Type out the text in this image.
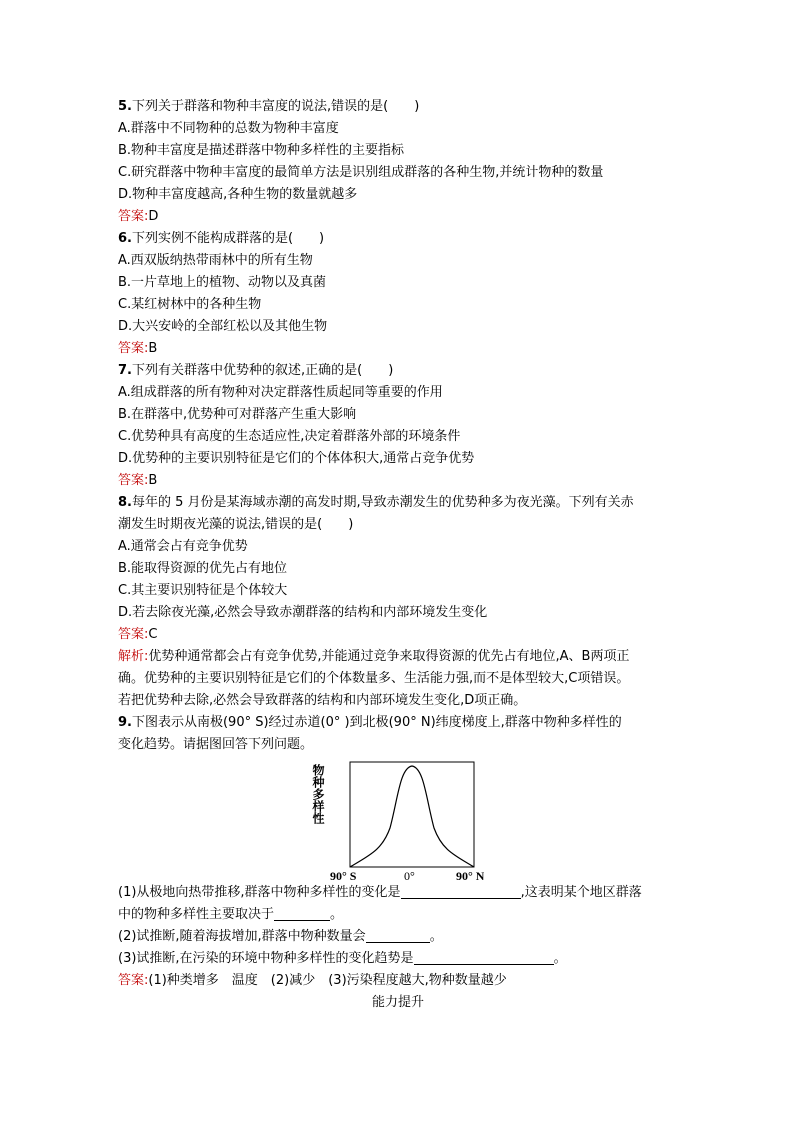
5.下列关于群落和物种丰富度的说法,错误的是(　　)
A.群落中不同物种的总数为物种丰富度
B.物种丰富度是描述群落中物种多样性的主要指标
C.研究群落中物种丰富度的最简单方法是识别组成群落的各种生物,并统计物种的数量
D.物种丰富度越高,各种生物的数量就越多
答案:D
6.下列实例不能构成群落的是(　　)
A.西双版纳热带雨林中的所有生物
B.一片草地上的植物、动物以及真菌
C.某红树林中的各种生物
D.大兴安岭的全部红松以及其他生物
答案:B
7.下列有关群落中优势种的叙述,正确的是(　　)
A.组成群落的所有物种对决定群落性质起同等重要的作用
B.在群落中,优势种可对群落产生重大影响
C.优势种具有高度的生态适应性,决定着群落外部的环境条件
D.优势种的主要识别特征是它们的个体体积大,通常占竞争优势
答案:B
8.每年的 5 月份是某海域赤潮的高发时期,导致赤潮发生的优势种多为夜光藻。下列有关赤
潮发生时期夜光藻的说法,错误的是(　　)
A.通常会占有竞争优势
B.能取得资源的优先占有地位
C.其主要识别特征是个体较大
D.若去除夜光藻,必然会导致赤潮群落的结构和内部环境发生变化
答案:C
解析:优势种通常都会占有竞争优势,并能通过竞争来取得资源的优先占有地位,A、B两项正
确。优势种的主要识别特征是它们的个体数量多、生活能力强,而不是体型较大,C项错误。
若把优势种去除,必然会导致群落的结构和内部环境发生变化,D项正确。
9.下图表示从南极(90° S)经过赤道(0° )到北极(90° N)纬度梯度上,群落中物种多样性的
变化趋势。请据图回答下列问题。
物种多样性
90° S	0°	90° N
(1)从极地向热带推移,群落中物种多样性的变化是	,这表明某个地区群落
中的物种多样性主要取决于	。
(2)试推断,随着海拔增加,群落中物种数量会	。
(3)试推断,在污染的环境中物种多样性的变化趋势是	。
答案:(1)种类增多　温度　(2)减少　(3)污染程度越大,物种数量越少
能力提升
